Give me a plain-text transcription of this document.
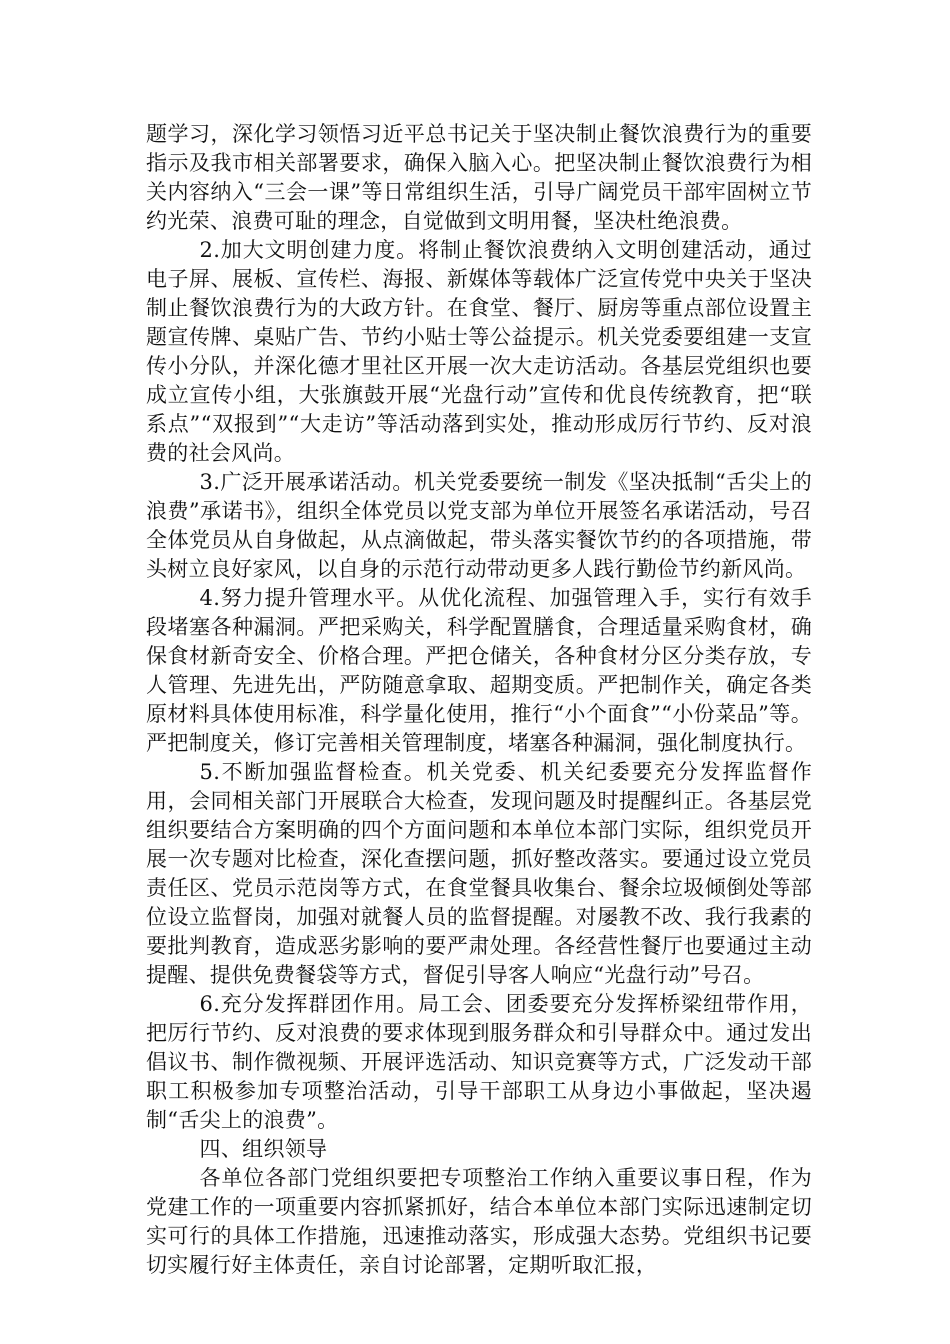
题学习，深化学习领悟习近平总书记关于坚决制止餐饮浪费行为的重要指示及我市相关部署要求，确保入脑入心。把坚决制止餐饮浪费行为相关内容纳入“三会一课”等日常组织生活，引导广阔党员干部牢固树立节约光荣、浪费可耻的理念，自觉做到文明用餐，坚决杜绝浪费。

2.加大文明创建力度。将制止餐饮浪费纳入文明创建活动，通过电子屏、展板、宣传栏、海报、新媒体等载体广泛宣传党中央关于坚决制止餐饮浪费行为的大政方针。在食堂、餐厅、厨房等重点部位设置主题宣传牌、桌贴广告、节约小贴士等公益提示。机关党委要组建一支宣传小分队，并深化德才里社区开展一次大走访活动。各基层党组织也要成立宣传小组，大张旗鼓开展“光盘行动”宣传和优良传统教育，把“联系点”“双报到”“大走访”等活动落到实处，推动形成厉行节约、反对浪费的社会风尚。

3.广泛开展承诺活动。机关党委要统一制发《坚决抵制“舌尖上的浪费”承诺书》，组织全体党员以党支部为单位开展签名承诺活动，号召全体党员从自身做起，从点滴做起，带头落实餐饮节约的各项措施，带头树立良好家风，以自身的示范行动带动更多人践行勤俭节约新风尚。

4.努力提升管理水平。从优化流程、加强管理入手，实行有效手段堵塞各种漏洞。严把采购关，科学配置膳食，合理适量采购食材，确保食材新奇安全、价格合理。严把仓储关，各种食材分区分类存放，专人管理、先进先出，严防随意拿取、超期变质。严把制作关，确定各类原材料具体使用标准，科学量化使用，推行“小个面食”“小份菜品”等。严把制度关，修订完善相关管理制度，堵塞各种漏洞，强化制度执行。

5.不断加强监督检查。机关党委、机关纪委要充分发挥监督作用，会同相关部门开展联合大检查，发现问题及时提醒纠正。各基层党组织要结合方案明确的四个方面问题和本单位本部门实际，组织党员开展一次专题对比检查，深化查摆问题，抓好整改落实。要通过设立党员责任区、党员示范岗等方式，在食堂餐具收集台、餐余垃圾倾倒处等部位设立监督岗，加强对就餐人员的监督提醒。对屡教不改、我行我素的要批判教育，造成恶劣影响的要严肃处理。各经营性餐厅也要通过主动提醒、提供免费餐袋等方式，督促引导客人响应“光盘行动”号召。

6.充分发挥群团作用。局工会、团委要充分发挥桥梁纽带作用，把厉行节约、反对浪费的要求体现到服务群众和引导群众中。通过发出倡议书、制作微视频、开展评选活动、知识竞赛等方式，广泛发动干部职工积极参加专项整治活动，引导干部职工从身边小事做起，坚决遏制“舌尖上的浪费”。

四、组织领导

各单位各部门党组织要把专项整治工作纳入重要议事日程，作为党建工作的一项重要内容抓紧抓好，结合本单位本部门实际迅速制定切实可行的具体工作措施，迅速推动落实，形成强大态势。党组织书记要切实履行好主体责任，亲自讨论部署，定期听取汇报，
